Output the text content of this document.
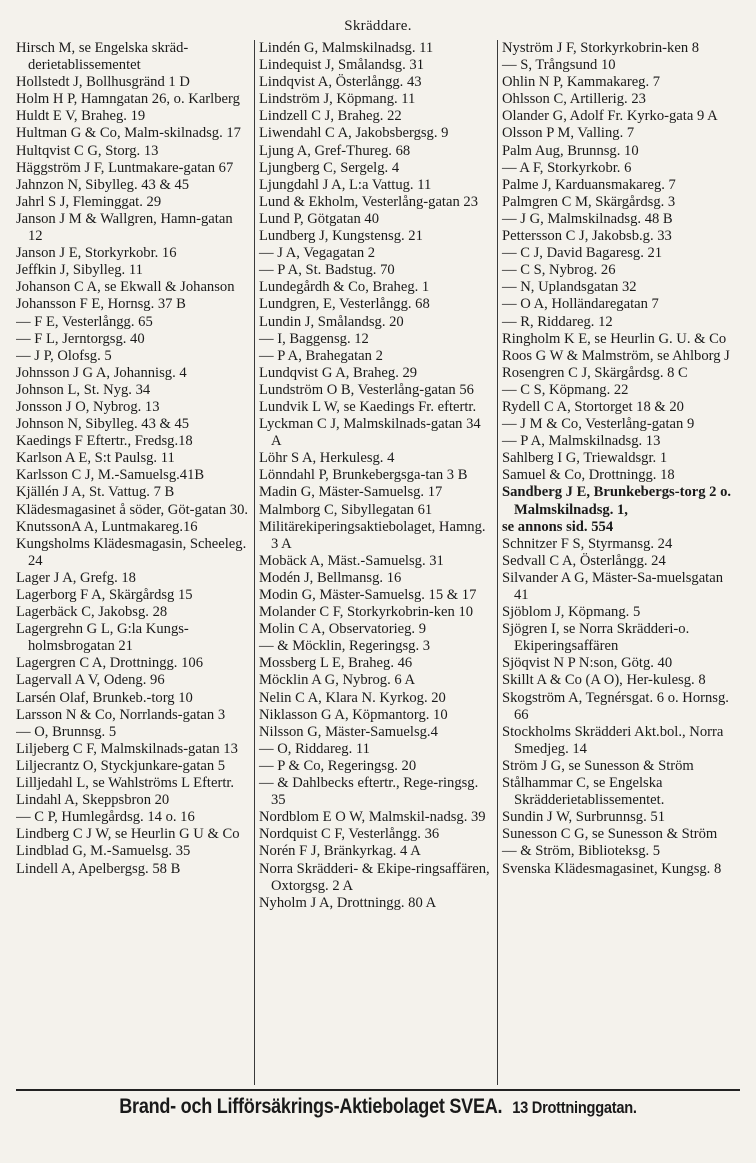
Skräddare.

Hirsch M, se Engelska skräd-derietablissementet

Hollstedt J, Bollhusgränd 1 D

Holm H P, Hamngatan 26, o. Karlberg

Huldt E V, Braheg. 19

Hultman G & Co, Malm-skilnadsg. 17

Hultqvist C G, Storg. 13

Häggström J F, Luntmakare-gatan 67

Jahnzon N, Sibylleg. 43 & 45

Jahrl S J, Fleminggat. 29

Janson J M & Wallgren, Hamn-gatan 12

Janson J E, Storkyrkobr. 16

Jeffkin J, Sibylleg. 11

Johanson C A, se Ekwall & Johanson

Johansson F E, Hornsg. 37 B

— F E, Vesterlångg. 65

— F L, Jerntorgsg. 40

— J P, Olofsg. 5

Johnsson J G A, Johannisg. 4

Johnson L, St. Nyg. 34

Jonsson J O, Nybrog. 13

Johnson N, Sibylleg. 43 & 45

Kaedings F Eftertr., Fredsg.18

Karlson A E, S:t Paulsg. 11

Karlsson C J, M.-Samuelsg.41B

Kjällén J A, St. Vattug. 7 B

Klädesmagasinet å söder, Göt-gatan 30.

KnutssonA A, Luntmakareg.16

Kungsholms Klädesmagasin, Scheeleg. 24

Lager J A, Grefg. 18

Lagerborg F A, Skärgårdsg 15

Lagerbäck C, Jakobsg. 28

Lagergrehn G L, G:la Kungs-holmsbrogatan 21

Lagergren C A, Drottningg. 106

Lagervall A V, Odeng. 96

Larsén Olaf, Brunkeb.-torg 10

Larsson N & Co, Norrlands-gatan 3

— O, Brunnsg. 5

Liljeberg C F, Malmskilnads-gatan 13

Liljecrantz O, Styckjunkare-gatan 5

Lilljedahl L, se Wahlströms L Eftertr.

Lindahl A, Skeppsbron 20

— C P, Humlegårdsg. 14 o. 16

Lindberg C J W, se Heurlin G U & Co

Lindblad G, M.-Samuelsg. 35

Lindell A, Apelbergsg. 58 B

Lindén G, Malmskilnadsg. 11

Lindequist J, Smålandsg. 31

Lindqvist A, Österlångg. 43

Lindström J, Köpmang. 11

Lindzell C J, Braheg. 22

Liwendahl C A, Jakobsbergsg. 9

Ljung A, Gref-Thureg. 68

Ljungberg C, Sergelg. 4

Ljungdahl J A, L:a Vattug. 11

Lund & Ekholm, Vesterlång-gatan 23

Lund P, Götgatan 40

Lundberg J, Kungstensg. 21

— J A, Vegagatan 2

— P A, St. Badstug. 70

Lundegårdh & Co, Braheg. 1

Lundgren, E, Vesterlångg. 68

Lundin J, Smålandsg. 20

— I, Baggensg. 12

— P A, Brahegatan 2

Lundqvist G A, Braheg. 29

Lundström O B, Vesterlång-gatan 56

Lundvik L W, se Kaedings Fr. eftertr.

Lyckman C J, Malmskilnads-gatan 34 A

Löhr S A, Herkulesg. 4

Lönndahl P, Brunkebergsga-tan 3 B

Madin G, Mäster-Samuelsg. 17

Malmborg C, Sibyllegatan 61

Militärekiperingsaktiebolaget, Hamng. 3 A

Mobäck A, Mäst.-Samuelsg. 31

Modén J, Bellmansg. 16

Modin G, Mäster-Samuelsg. 15 & 17

Molander C F, Storkyrkobrin-ken 10

Molin C A, Observatorieg. 9

— & Möcklin, Regeringsg. 3

Mossberg L E, Braheg. 46

Möcklin A G, Nybrog. 6 A

Nelin C A, Klara N. Kyrkog. 20

Niklasson G A, Köpmantorg. 10

Nilsson G, Mäster-Samuelsg.4

— O, Riddareg. 11

— P & Co, Regeringsg. 20

— & Dahlbecks eftertr., Rege-ringsg. 35

Nordblom E O W, Malmskil-nadsg. 39

Nordquist C F, Vesterlångg. 36

Norén F J, Bränkyrkag. 4 A

Norra Skrädderi- & Ekipe-ringsaffären, Oxtorgsg. 2 A

Nyholm J A, Drottningg. 80 A

Nyström J F, Storkyrkobrin-ken 8

— S, Trångsund 10

Ohlin N P, Kammakareg. 7

Ohlsson C, Artillerig. 23

Olander G, Adolf Fr. Kyrko-gata 9 A

Olsson P M, Valling. 7

Palm Aug, Brunnsg. 10

— A F, Storkyrkobr. 6

Palme J, Karduansmakareg. 7

Palmgren C M, Skärgårdsg. 3

— J G, Malmskilnadsg. 48 B

Pettersson C J, Jakobsb.g. 33

— C J, David Bagaresg. 21

— C S, Nybrog. 26

— N, Uplandsgatan 32

— O A, Holländaregatan 7

— R, Riddareg. 12

Ringholm K E, se Heurlin G. U. & Co

Roos G W & Malmström, se Ahlborg J

Rosengren C J, Skärgårdsg. 8 C

— C S, Köpmang. 22

Rydell C A, Stortorget 18 & 20

— J M & Co, Vesterlång-gatan 9

— P A, Malmskilnadsg. 13

Sahlberg I G, Triewaldsgr. 1

Samuel & Co, Drottningg. 18

Sandberg J E, Brunkebergs-torg 2 o. Malmskilnadsg. 1,

se annons sid. 554

Schnitzer F S, Styrmansg. 24

Sedvall C A, Österlångg. 24

Silvander A G, Mäster-Sa-muelsgatan 41

Sjöblom J, Köpmang. 5

Sjögren I, se Norra Skrädderi-o. Ekiperingsaffären

Sjöqvist N P N:son, Götg. 40

Skillt A & Co (A O), Her-kulesg. 8

Skogström A, Tegnérsgat. 6 o. Hornsg. 66

Stockholms Skrädderi Akt.bol., Norra Smedjeg. 14

Ström J G, se Sunesson & Ström

Stålhammar C, se Engelska Skrädderietablissementet.

Sundin J W, Surbrunnsg. 51

Sunesson C G, se Sunesson & Ström

— & Ström, Biblioteksg. 5

Svenska Klädesmagasinet, Kungsg. 8

Brand- och Lifförsäkrings-Aktiebolaget SVEA. 13 Drottninggatan.
